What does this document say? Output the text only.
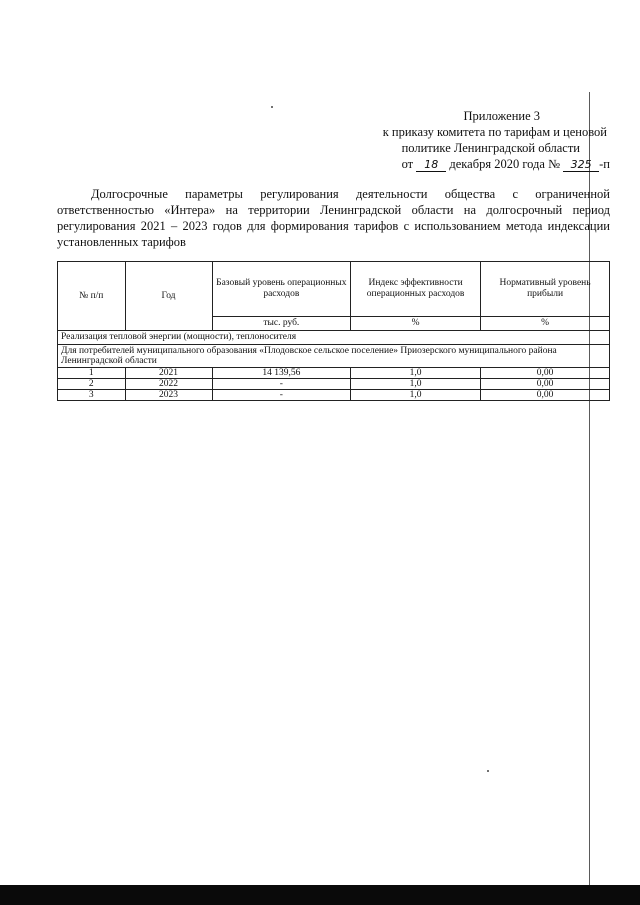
Приложение 3
к приказу комитета по тарифам и ценовой
политике Ленинградской области
от 18 декабря 2020 года № 325 -п
Долгосрочные параметры регулирования деятельности общества с ограниченной ответственностью «Интера» на территории Ленинградской области на долгосрочный период регулирования 2021 – 2023 годов для формирования тарифов с использованием метода индексации установленных тарифов
№ п/п	Год	Базовый уровень операционных расходов	Индекс эффективности операционных расходов	Нормативный уровень прибыли
		тыс. руб.	%	%
Реализация тепловой энергии (мощности), теплоносителя				
Для потребителей муниципального образования «Плодовское сельское поселение» Приозерского муниципального района Ленинградской области				
1	2021	14 139,56	1,0	0,00
2	2022	-	1,0	0,00
3	2023	-	1,0	0,00
